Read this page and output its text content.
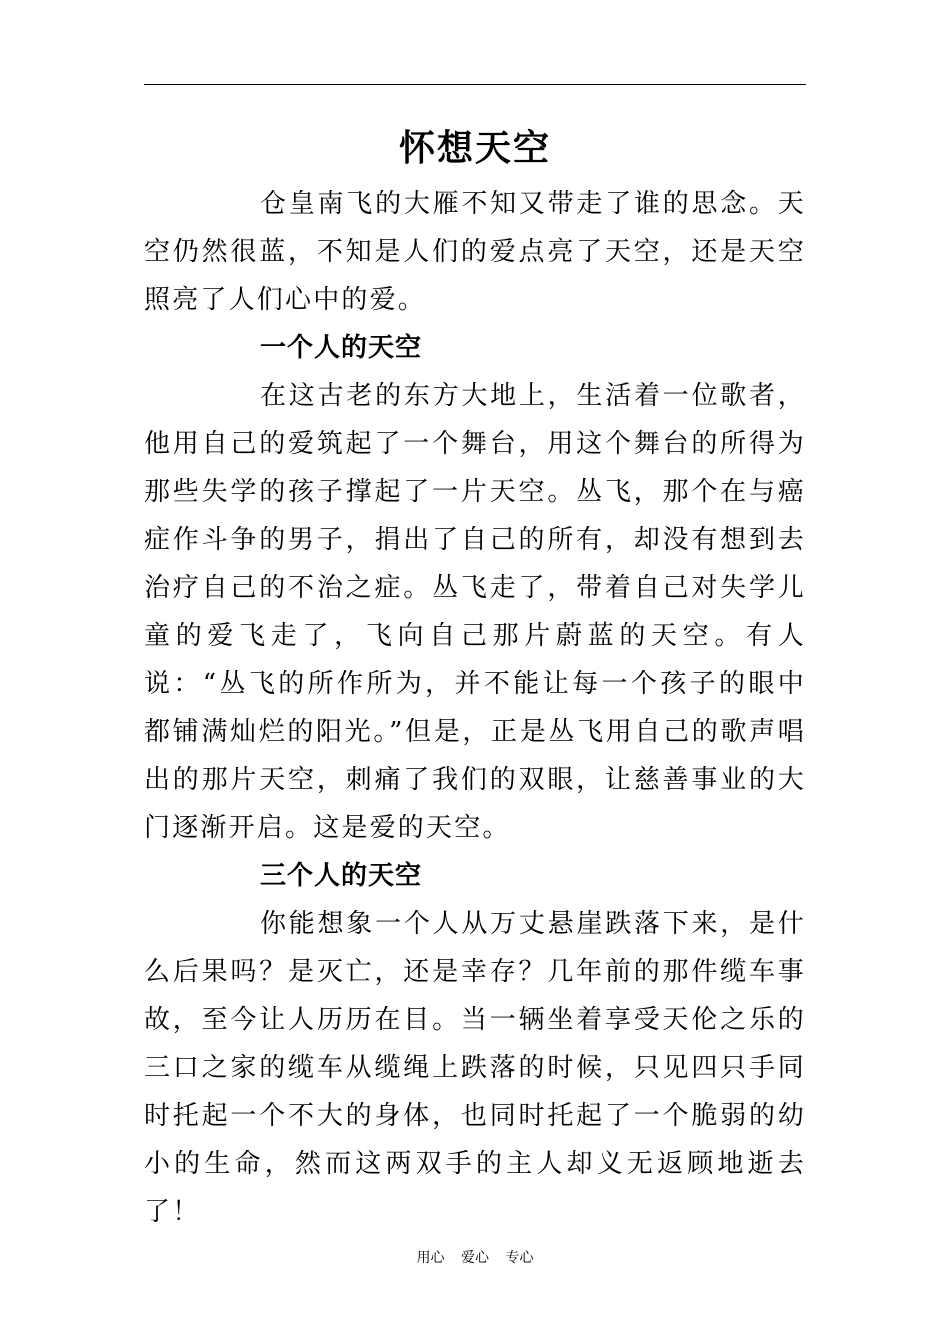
怀想天空

仓皇南飞的大雁不知又带走了谁的思念。天空仍然很蓝，不知是人们的爱点亮了天空，还是天空照亮了人们心中的爱。

一个人的天空

在这古老的东方大地上，生活着一位歌者，他用自己的爱筑起了一个舞台，用这个舞台的所得为那些失学的孩子撑起了一片天空。丛飞，那个在与癌症作斗争的男子，捐出了自己的所有，却没有想到去治疗自己的不治之症。丛飞走了，带着自己对失学儿童的爱飞走了，飞向自己那片蔚蓝的天空。有人说：“丛飞的所作所为，并不能让每一个孩子的眼中都铺满灿烂的阳光。”但是，正是丛飞用自己的歌声唱出的那片天空，刺痛了我们的双眼，让慈善事业的大门逐渐开启。这是爱的天空。

三个人的天空

你能想象一个人从万丈悬崖跌落下来，是什么后果吗？是灭亡，还是幸存？几年前的那件缆车事故，至今让人历历在目。当一辆坐着享受天伦之乐的三口之家的缆车从缆绳上跌落的时候，只见四只手同时托起一个不大的身体，也同时托起了一个脆弱的幼小的生命，然而这两双手的主人却义无返顾地逝去了！

用心 爱心 专心
